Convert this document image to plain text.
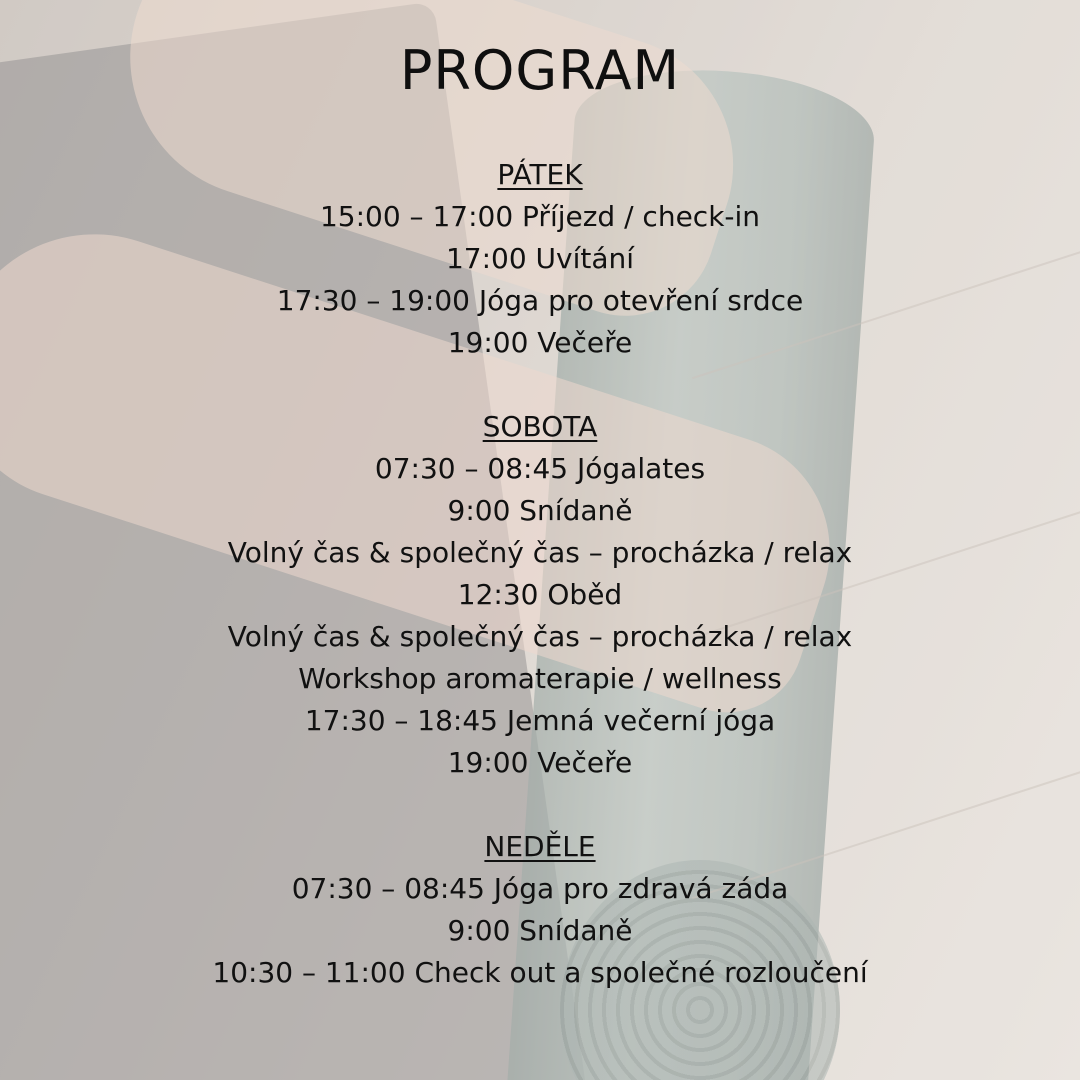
PROGRAM
PÁTEK
15:00 – 17:00 Příjezd / check-in
17:00 Uvítání
17:30 – 19:00 Jóga pro otevření srdce
19:00 Večeře
SOBOTA
07:30 – 08:45 Jógalates
9:00 Snídaně
Volný čas & společný čas – procházka / relax
12:30 Oběd
Volný čas & společný čas – procházka / relax
Workshop aromaterapie / wellness
17:30 – 18:45 Jemná večerní jóga
19:00 Večeře
NEDĚLE
07:30 – 08:45 Jóga pro zdravá záda
9:00 Snídaně
10:30 – 11:00 Check out a společné rozloučení
